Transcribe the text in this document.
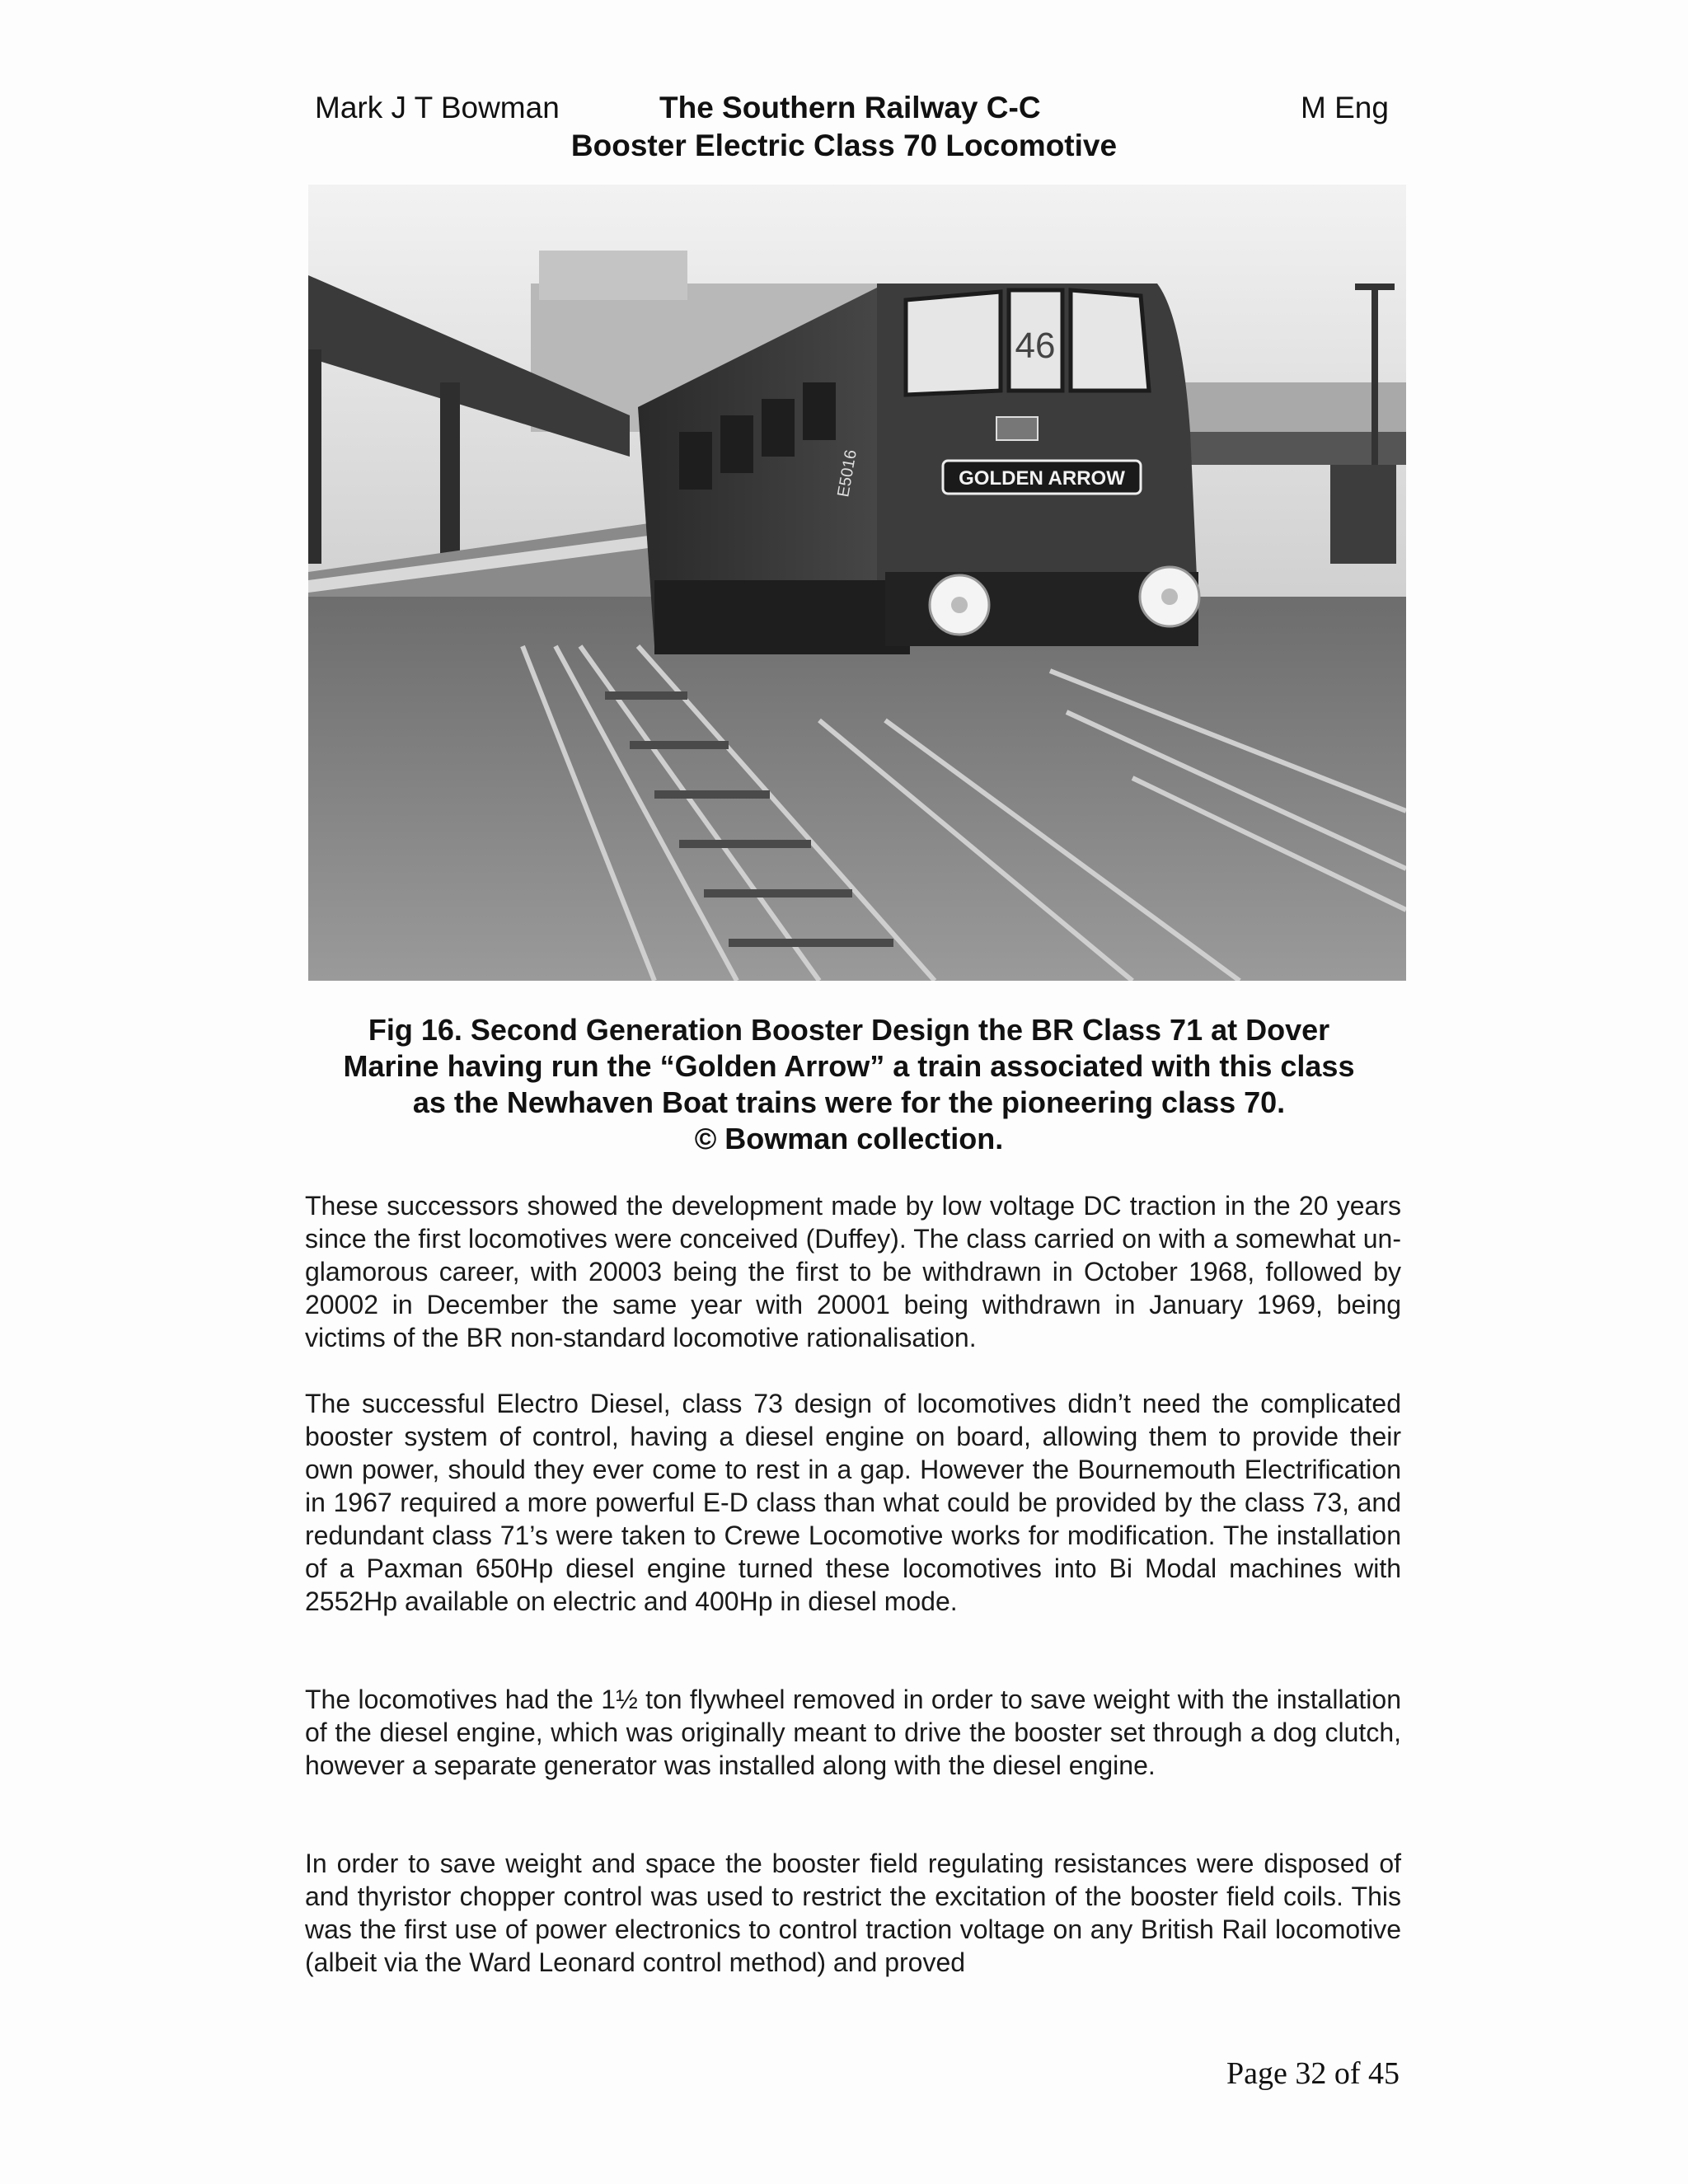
Mark J T Bowman	The Southern Railway C-C	M Eng
Booster Electric Class 70 Locomotive
46
GOLDEN ARROW
E5016

Fig 16. Second Generation Booster Design the BR Class 71 at Dover
Marine having run the “Golden Arrow” a train associated with this class
as the Newhaven Boat trains were for the pioneering class 70.
© Bowman collection.

These successors showed the development made by low voltage DC traction in the 20 years since the first locomotives were conceived (Duffey). The class carried on with a somewhat un- glamorous career, with 20003 being the first to be withdrawn in October 1968, followed by 20002 in December the same year with 20001 being withdrawn in January 1969, being victims of the BR non-standard locomotive rationalisation.

The successful Electro Diesel, class 73 design of locomotives didn’t need the complicated booster system of control, having a diesel engine on board, allowing them to provide their own power, should they ever come to rest in a gap. However the Bournemouth Electrification in 1967 required a more powerful E-D class than what could be provided by the class 73, and redundant class 71’s were taken to Crewe Locomotive works for modification. The installation of a Paxman 650Hp diesel engine turned these locomotives into Bi Modal machines with 2552Hp available on electric and 400Hp in diesel mode.

The locomotives had the 1½ ton flywheel removed in order to save weight with the installation of the diesel engine, which was originally meant to drive the booster set through a dog clutch, however a separate generator was installed along with the diesel engine.

In order to save weight and space the booster field regulating resistances were disposed of and thyristor chopper control was used to restrict the excitation of the booster field coils. This was the first use of power electronics to control traction voltage on any British Rail locomotive (albeit via the Ward Leonard control method) and proved

Page 32 of 45
